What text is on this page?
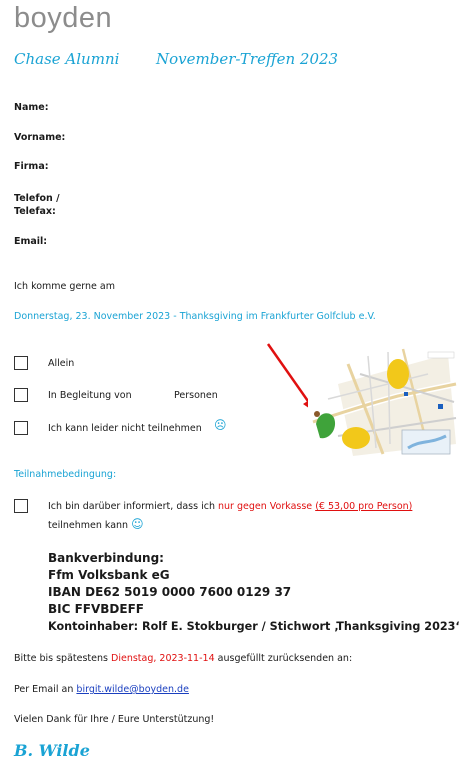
boyden
Chase Alumni November-Treffen 2023
Name:
Vorname:
Firma:
Telefon /
Telefax:
Email:
Ich komme gerne am
Donnerstag, 23. November 2023 - Thanksgiving im Frankfurter Golfclub e.V.
Allein
In Begleitung von	Personen
Ich kann leider nicht teilnehmen ☹
Teilnahmebedingung:
Ich bin darüber informiert, dass ich nur gegen Vorkasse (€ 53,00 pro Person)
teilnehmen kann ☺
Bankverbindung:
Ffm Volksbank eG
IBAN DE62 5019 0000 7600 0129 37
BIC FFVBDEFF
Kontoinhaber: Rolf E. Stokburger / Stichwort ‚Thanksgiving 2023‘
Bitte bis spätestens Dienstag, 2023-11-14 ausgefüllt zurücksenden an:
Per Email an birgit.wilde@boyden.de
Vielen Dank für Ihre / Eure Unterstützung!
B. Wilde
